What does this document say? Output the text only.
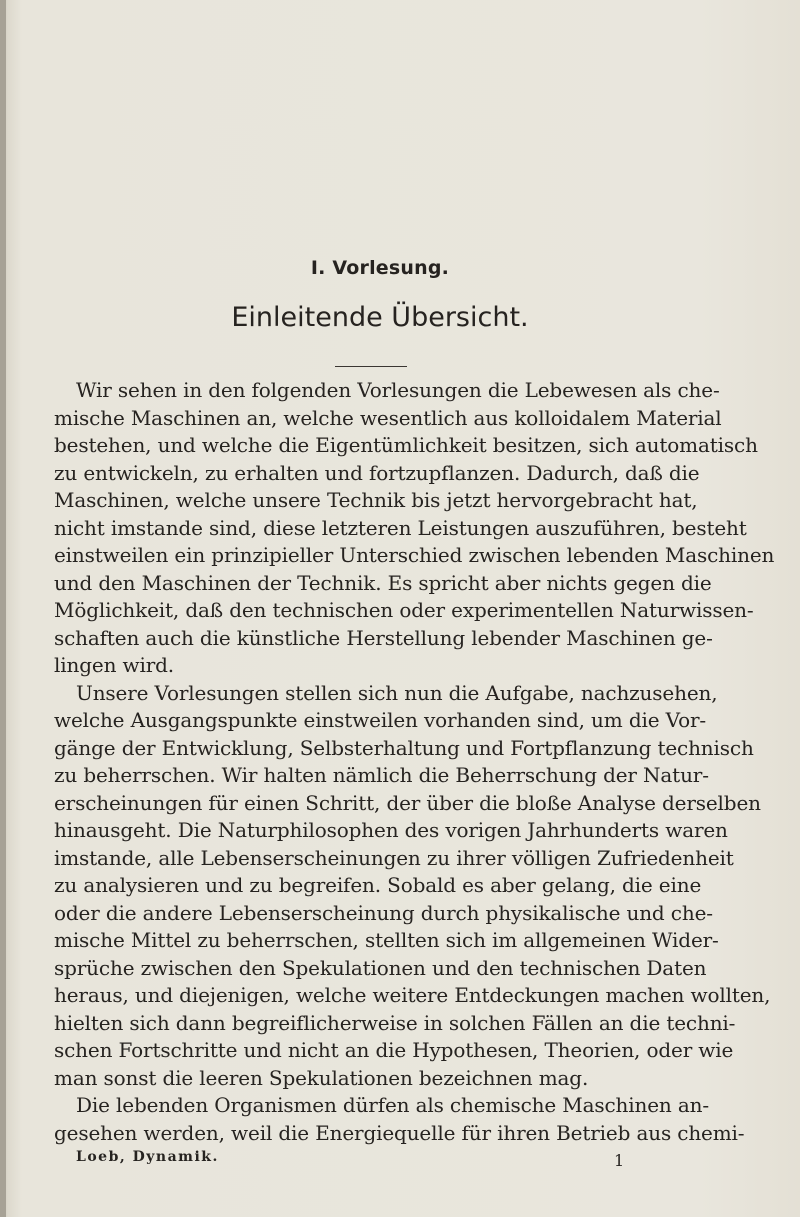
I. Vorlesung.
Einleitende Übersicht.
Wir sehen in den folgenden Vorlesungen die Lebewesen als che-
mische Maschinen an, welche wesentlich aus kolloidalem Material
bestehen, und welche die Eigentümlichkeit besitzen, sich automatisch
zu entwickeln, zu erhalten und fortzupflanzen. Dadurch, daß die
Maschinen, welche unsere Technik bis jetzt hervorgebracht hat,
nicht imstande sind, diese letzteren Leistungen auszuführen, besteht
einstweilen ein prinzipieller Unterschied zwischen lebenden Maschinen
und den Maschinen der Technik. Es spricht aber nichts gegen die
Möglichkeit, daß den technischen oder experimentellen Naturwissen-
schaften auch die künstliche Herstellung lebender Maschinen ge-
lingen wird.
Unsere Vorlesungen stellen sich nun die Aufgabe, nachzusehen,
welche Ausgangspunkte einstweilen vorhanden sind, um die Vor-
gänge der Entwicklung, Selbsterhaltung und Fortpflanzung technisch
zu beherrschen. Wir halten nämlich die Beherrschung der Natur-
erscheinungen für einen Schritt, der über die bloße Analyse derselben
hinausgeht. Die Naturphilosophen des vorigen Jahrhunderts waren
imstande, alle Lebenserscheinungen zu ihrer völligen Zufriedenheit
zu analysieren und zu begreifen. Sobald es aber gelang, die eine
oder die andere Lebenserscheinung durch physikalische und che-
mische Mittel zu beherrschen, stellten sich im allgemeinen Wider-
sprüche zwischen den Spekulationen und den technischen Daten
heraus, und diejenigen, welche weitere Entdeckungen machen wollten,
hielten sich dann begreiflicherweise in solchen Fällen an die techni-
schen Fortschritte und nicht an die Hypothesen, Theorien, oder wie
man sonst die leeren Spekulationen bezeichnen mag.
Die lebenden Organismen dürfen als chemische Maschinen an-
gesehen werden, weil die Energiequelle für ihren Betrieb aus chemi-
Loeb, Dynamik.	1
